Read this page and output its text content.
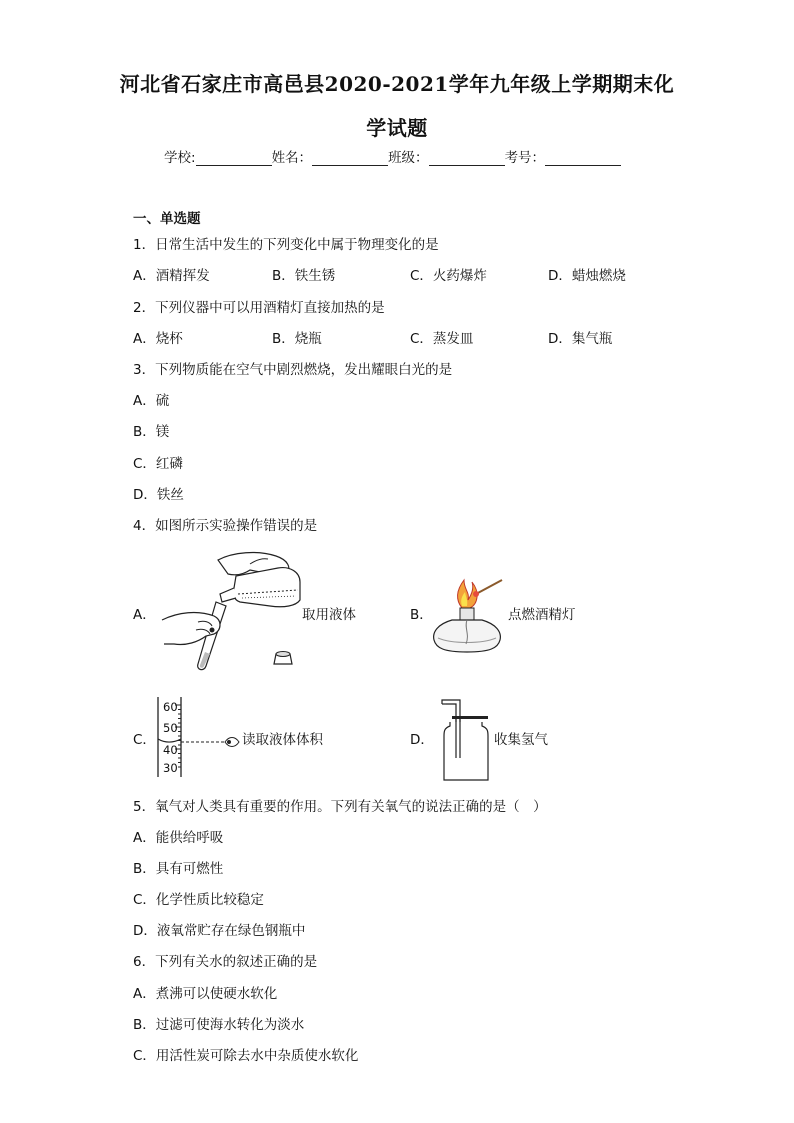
河北省石家庄市高邑县2020-2021学年九年级上学期期末化
学试题
学校:	姓名：	班级：	考号：
一、单选题
1．日常生活中发生的下列变化中属于物理变化的是
A．酒精挥发	B．铁生锈	C．火药爆炸	D．蜡烛燃烧
2．下列仪器中可以用酒精灯直接加热的是
A．烧杯	B．烧瓶	C．蒸发皿	D．集气瓶
3．下列物质能在空气中剧烈燃烧，发出耀眼白光的是
A．硫
B．镁
C．红磷
D．铁丝
4．如图所示实验操作错误的是
A．	取用液体	B．	点燃酒精灯
C．
60
50
40
30
读取液体体积	D．	收集氢气
5．氧气对人类具有重要的作用。下列有关氧气的说法正确的是（　）
A．能供给呼吸
B．具有可燃性
C．化学性质比较稳定
D．液氧常贮存在绿色钢瓶中
6．下列有关水的叙述正确的是
A．煮沸可以使硬水软化
B．过滤可使海水转化为淡水
C．用活性炭可除去水中杂质使水软化
